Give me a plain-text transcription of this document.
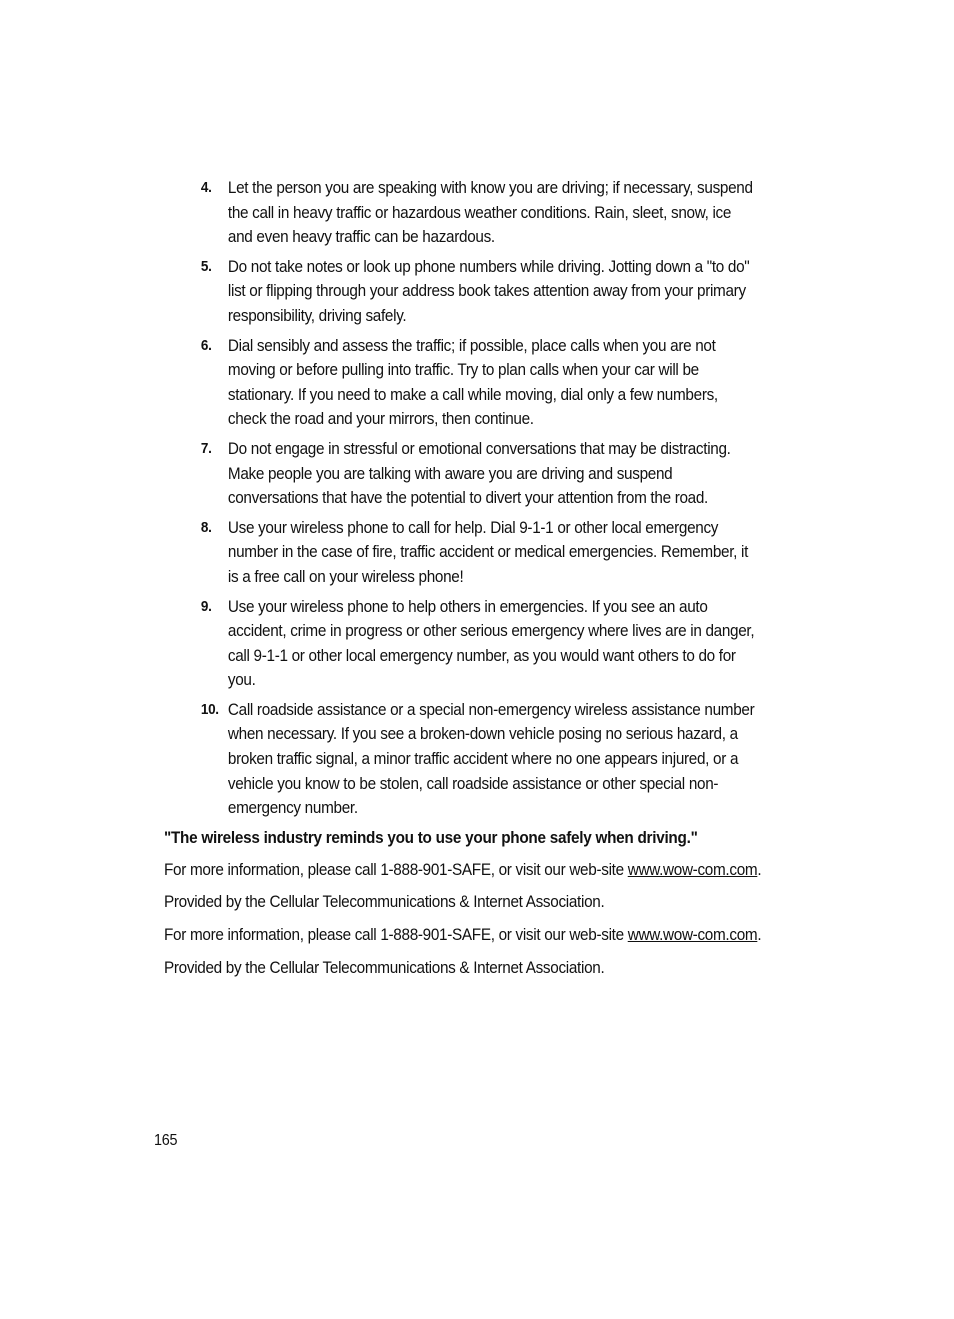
4. Let the person you are speaking with know you are driving; if necessary, suspend the call in heavy traffic or hazardous weather conditions. Rain, sleet, snow, ice and even heavy traffic can be hazardous.
5. Do not take notes or look up phone numbers while driving. Jotting down a "to do" list or flipping through your address book takes attention away from your primary responsibility, driving safely.
6. Dial sensibly and assess the traffic; if possible, place calls when you are not moving or before pulling into traffic. Try to plan calls when your car will be stationary. If you need to make a call while moving, dial only a few numbers, check the road and your mirrors, then continue.
7. Do not engage in stressful or emotional conversations that may be distracting. Make people you are talking with aware you are driving and suspend conversations that have the potential to divert your attention from the road.
8. Use your wireless phone to call for help. Dial 9-1-1 or other local emergency number in the case of fire, traffic accident or medical emergencies. Remember, it is a free call on your wireless phone!
9. Use your wireless phone to help others in emergencies. If you see an auto accident, crime in progress or other serious emergency where lives are in danger, call 9-1-1 or other local emergency number, as you would want others to do for you.
10. Call roadside assistance or a special non-emergency wireless assistance number when necessary. If you see a broken-down vehicle posing no serious hazard, a broken traffic signal, a minor traffic accident where no one appears injured, or a vehicle you know to be stolen, call roadside assistance or other special non-emergency number.
"The wireless industry reminds you to use your phone safely when driving."
For more information, please call 1-888-901-SAFE, or visit our web-site www.wow-com.com.
Provided by the Cellular Telecommunications & Internet Association.
For more information, please call 1-888-901-SAFE, or visit our web-site www.wow-com.com.
Provided by the Cellular Telecommunications & Internet Association.
165
